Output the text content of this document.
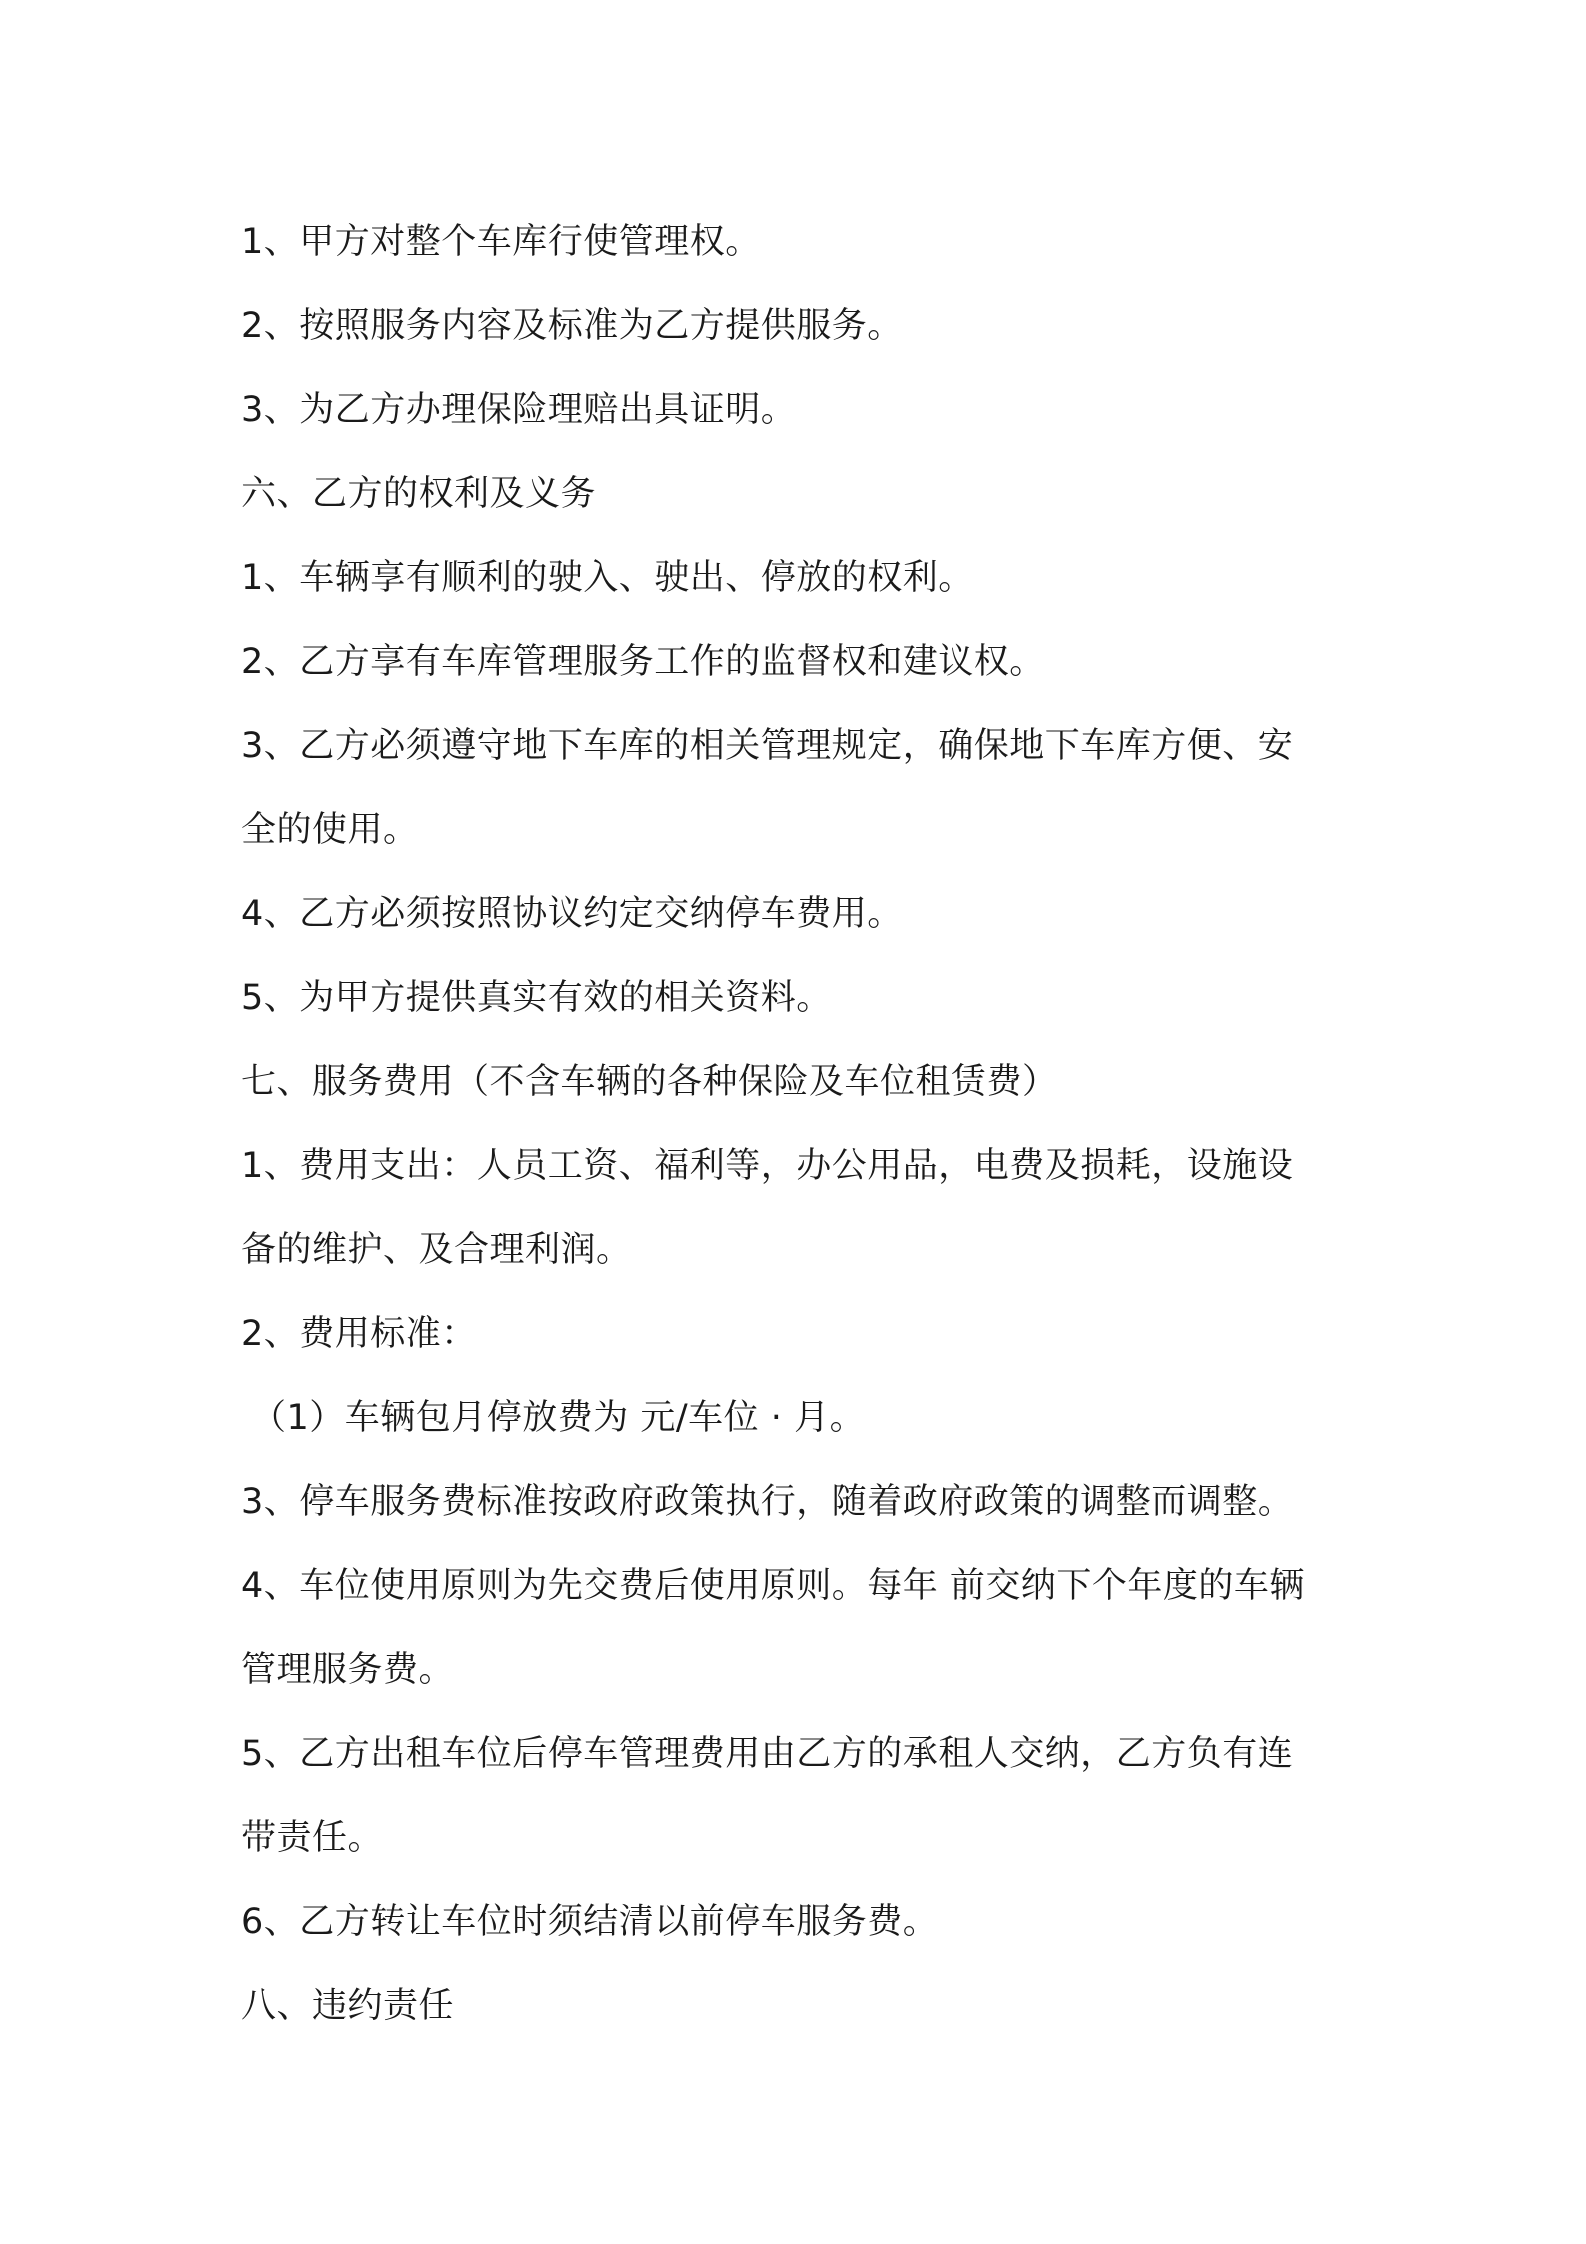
1、甲方对整个车库行使管理权。
2、按照服务内容及标准为乙方提供服务。
3、为乙方办理保险理赔出具证明。
六、乙方的权利及义务
1、车辆享有顺利的驶入、驶出、停放的权利。
2、乙方享有车库管理服务工作的监督权和建议权。
3、乙方必须遵守地下车库的相关管理规定，确保地下车库方便、安
全的使用。
4、乙方必须按照协议约定交纳停车费用。
5、为甲方提供真实有效的相关资料。
七、服务费用（不含车辆的各种保险及车位租赁费）
1、费用支出：人员工资、福利等，办公用品，电费及损耗，设施设
备的维护、及合理利润。
2、费用标准：
（1）车辆包月停放费为 元/车位 · 月。
3、停车服务费标准按政府政策执行，随着政府政策的调整而调整。
4、车位使用原则为先交费后使用原则。每年 前交纳下个年度的车辆
管理服务费。
5、乙方出租车位后停车管理费用由乙方的承租人交纳，乙方负有连
带责任。
6、乙方转让车位时须结清以前停车服务费。
八、违约责任
